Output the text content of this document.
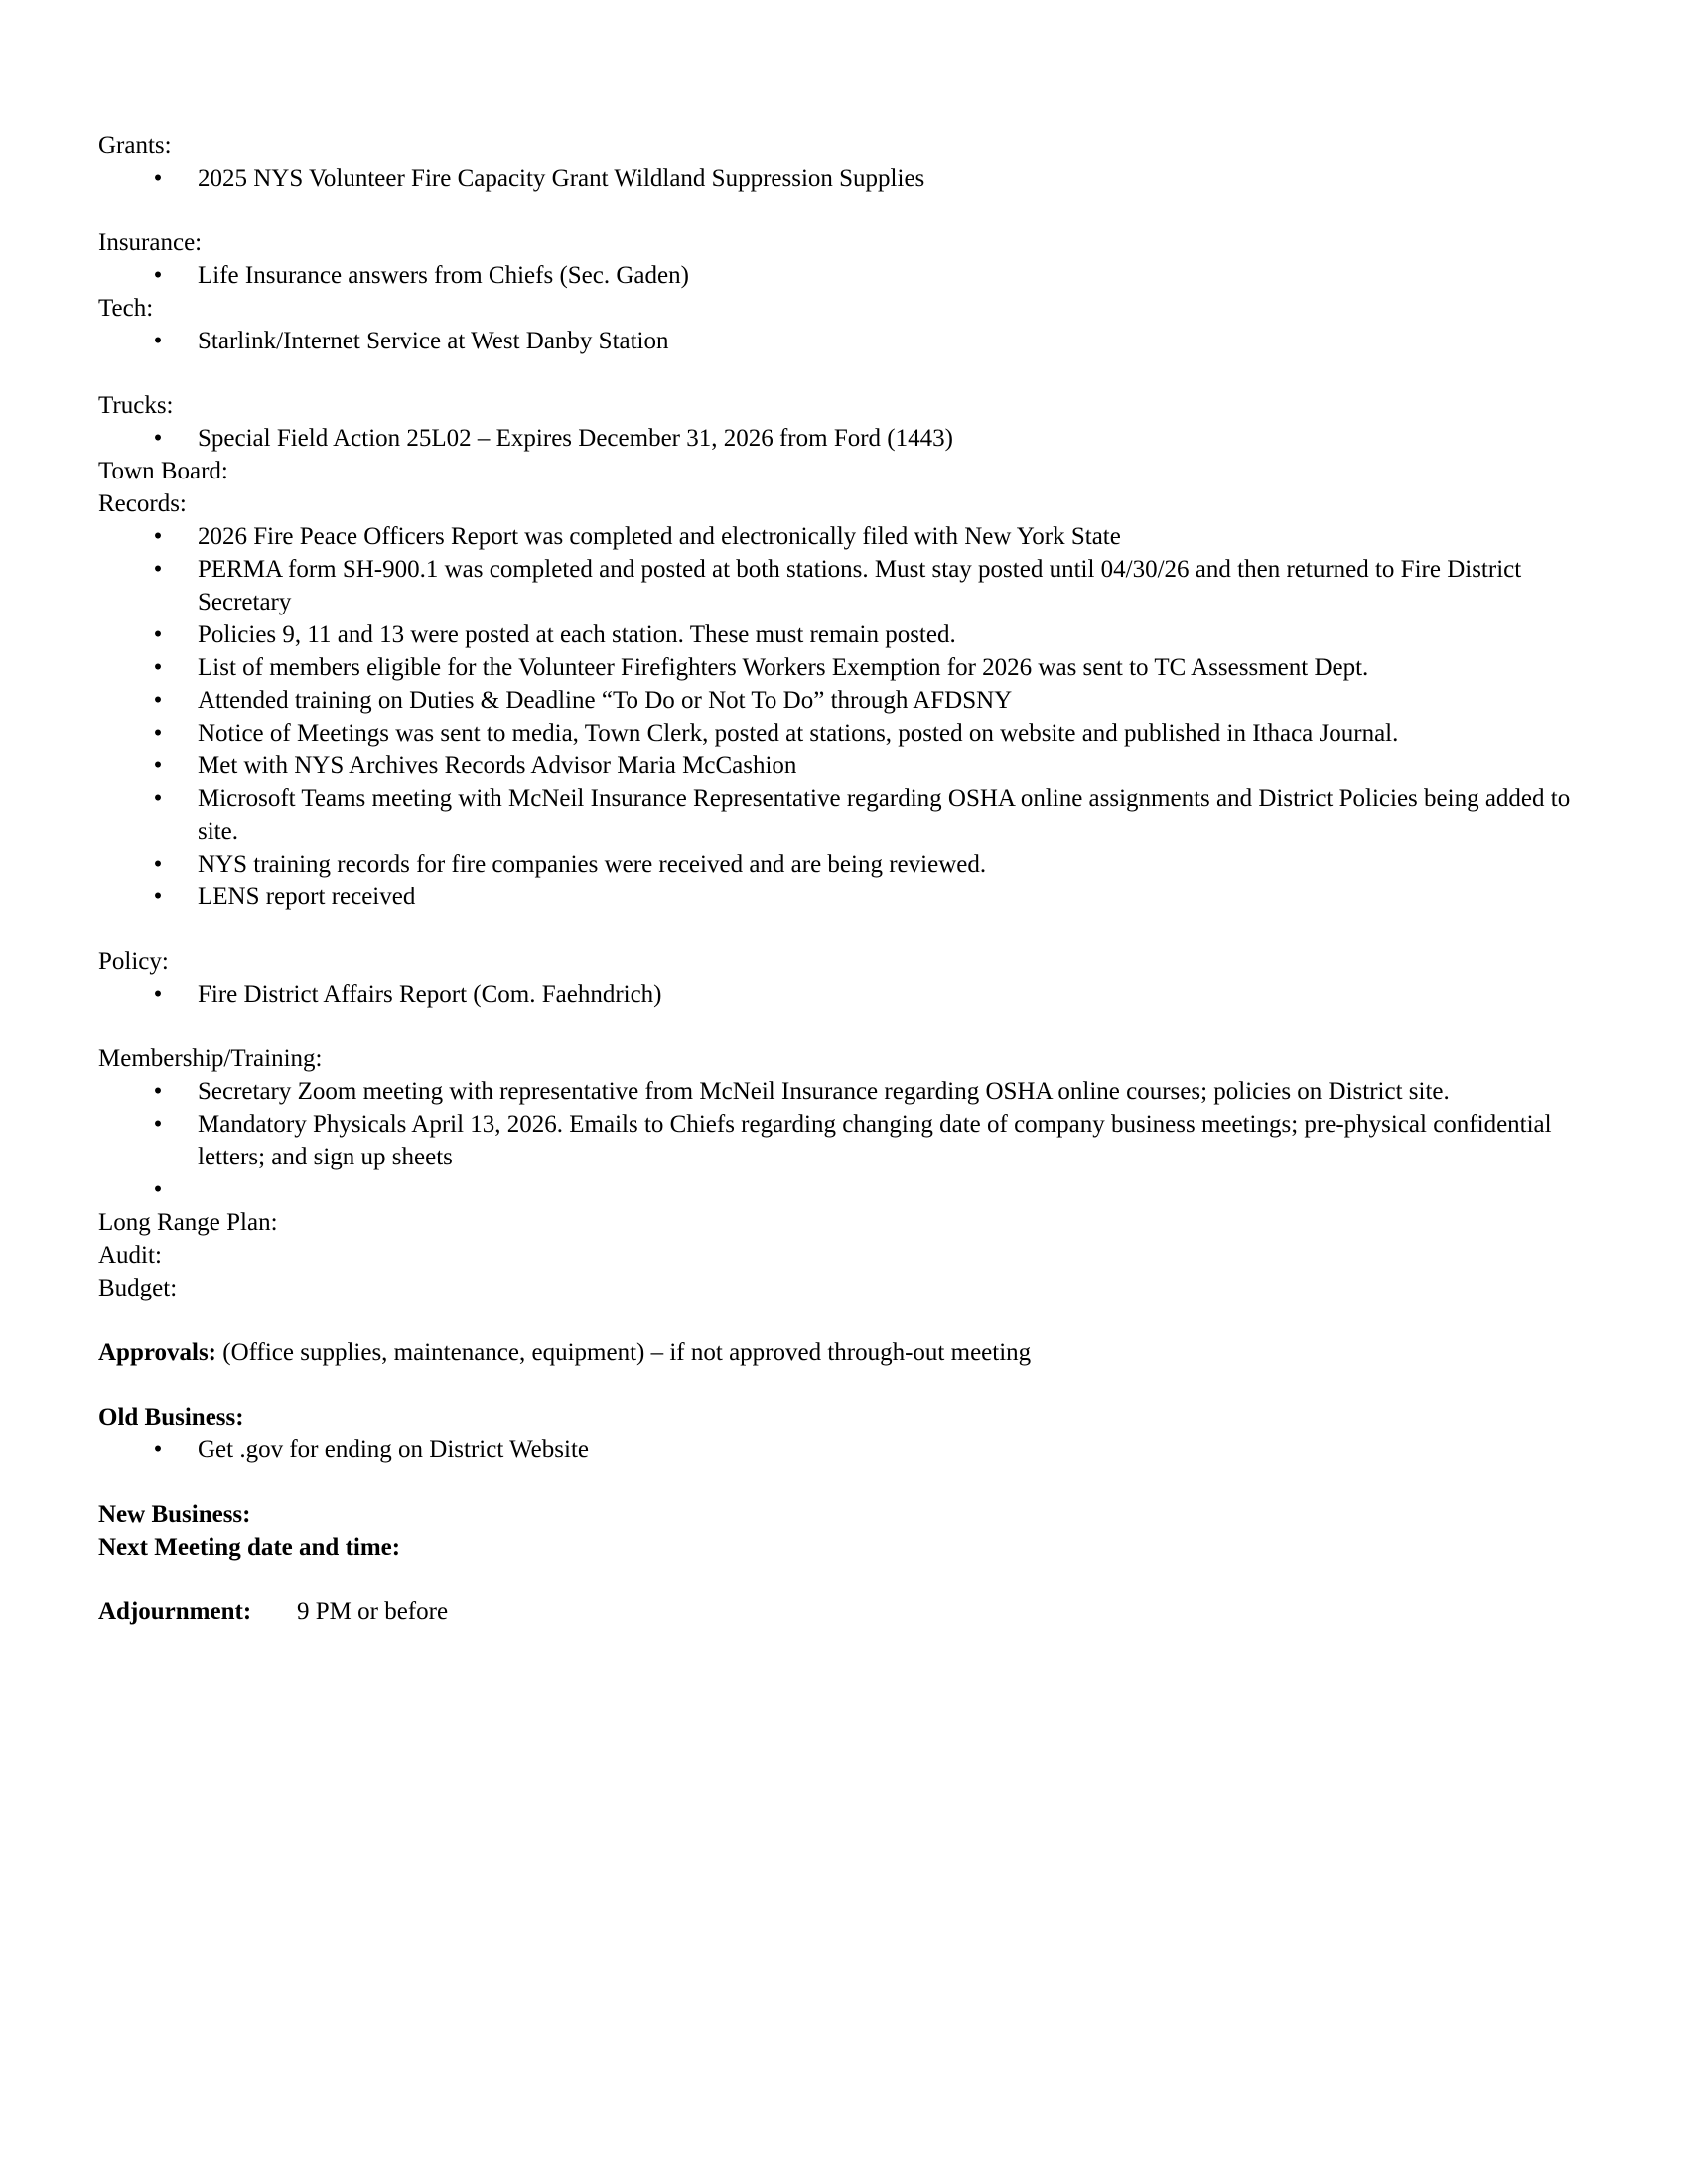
Grants:
• 2025 NYS Volunteer Fire Capacity Grant Wildland Suppression Supplies
Insurance:
• Life Insurance answers from Chiefs (Sec. Gaden)
Tech:
• Starlink/Internet Service at West Danby Station
Trucks:
• Special Field Action 25L02 – Expires December 31, 2026 from Ford (1443)
Town Board:
Records:
• 2026 Fire Peace Officers Report was completed and electronically filed with New York State
• PERMA form SH-900.1 was completed and posted at both stations. Must stay posted until 04/30/26 and then returned to Fire District Secretary
• Policies 9, 11 and 13 were posted at each station. These must remain posted.
• List of members eligible for the Volunteer Firefighters Workers Exemption for 2026 was sent to TC Assessment Dept.
• Attended training on Duties & Deadline “To Do or Not To Do” through AFDSNY
• Notice of Meetings was sent to media, Town Clerk, posted at stations, posted on website and published in Ithaca Journal.
• Met with NYS Archives Records Advisor Maria McCashion
• Microsoft Teams meeting with McNeil Insurance Representative regarding OSHA online assignments and District Policies being added to site.
• NYS training records for fire companies were received and are being reviewed.
• LENS report received
Policy:
• Fire District Affairs Report (Com. Faehndrich)
Membership/Training:
• Secretary Zoom meeting with representative from McNeil Insurance regarding OSHA online courses; policies on District site.
• Mandatory Physicals April 13, 2026. Emails to Chiefs regarding changing date of company business meetings; pre-physical confidential letters; and sign up sheets
•

Long Range Plan:
Audit:
Budget:
Approvals: (Office supplies, maintenance, equipment) – if not approved through-out meeting
Old Business:
• Get .gov for ending on District Website
New Business:
Next Meeting date and time:
Adjournment: 9 PM or before
